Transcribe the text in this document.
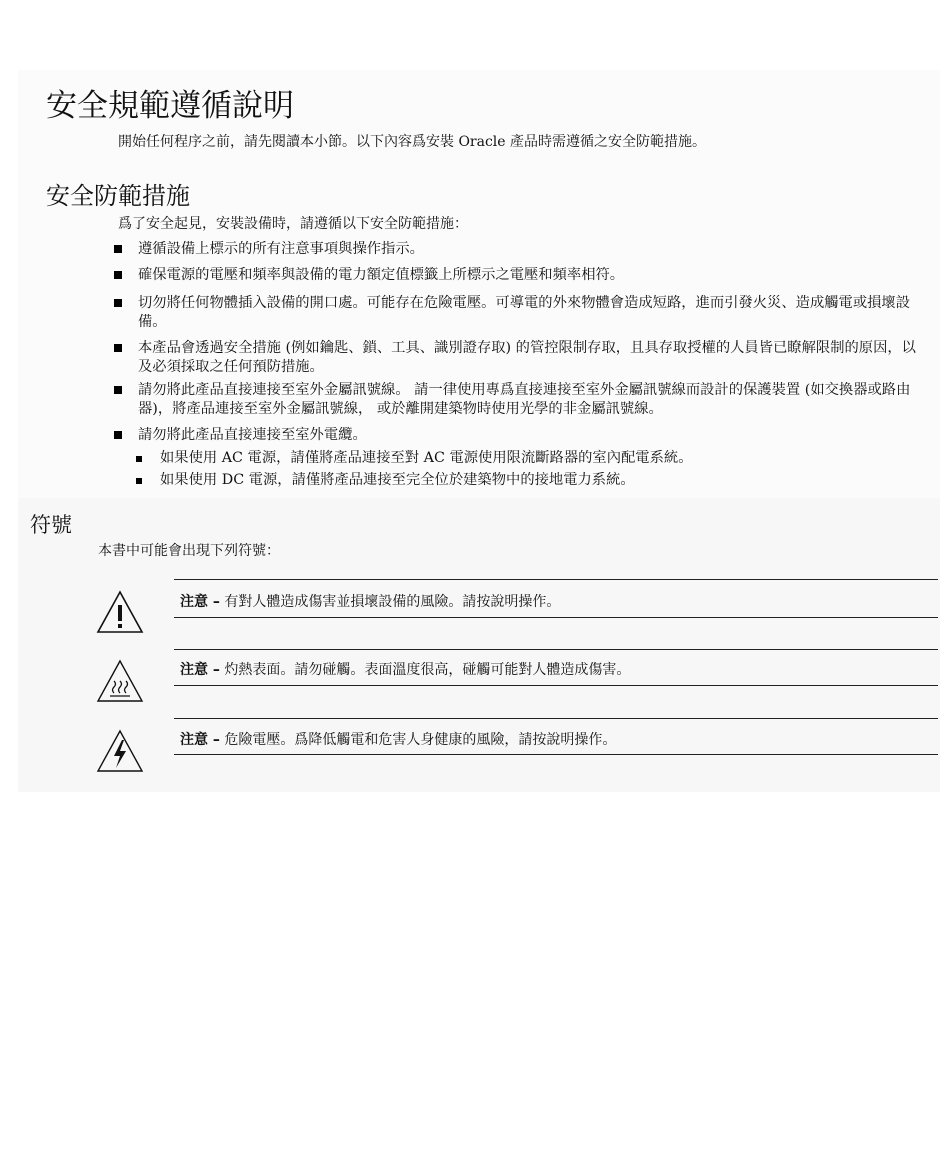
安全規範遵循說明

開始任何程序之前，請先閱讀本小節。以下內容爲安裝 Oracle 產品時需遵循之安全防範措施。

安全防範措施

爲了安全起見，安裝設備時，請遵循以下安全防範措施：

遵循設備上標示的所有注意事項與操作指示。
確保電源的電壓和頻率與設備的電力額定值標籤上所標示之電壓和頻率相符。
切勿將任何物體插入設備的開口處。可能存在危險電壓。可導電的外來物體會造成短路，進而引發火災、造成觸電或損壞設備。
本產品會透過安全措施 (例如鑰匙、鎖、工具、識別證存取) 的管控限制存取，且具存取授權的人員皆已瞭解限制的原因，以及必須採取之任何預防措施。
請勿將此產品直接連接至室外金屬訊號線。 請一律使用專爲直接連接至室外金屬訊號線而設計的保護裝置 (如交換器或路由器)，將產品連接至室外金屬訊號線， 或於離開建築物時使用光學的非金屬訊號線。
請勿將此產品直接連接至室外電纜。
如果使用 AC 電源，請僅將產品連接至對 AC 電源使用限流斷路器的室內配電系統。
如果使用 DC 電源，請僅將產品連接至完全位於建築物中的接地電力系統。
符號

本書中可能會出現下列符號：

注意 – 有對人體造成傷害並損壞設備的風險。請按說明操作。

注意 – 灼熱表面。請勿碰觸。表面溫度很高，碰觸可能對人體造成傷害。

注意 – 危險電壓。爲降低觸電和危害人身健康的風險，請按說明操作。
